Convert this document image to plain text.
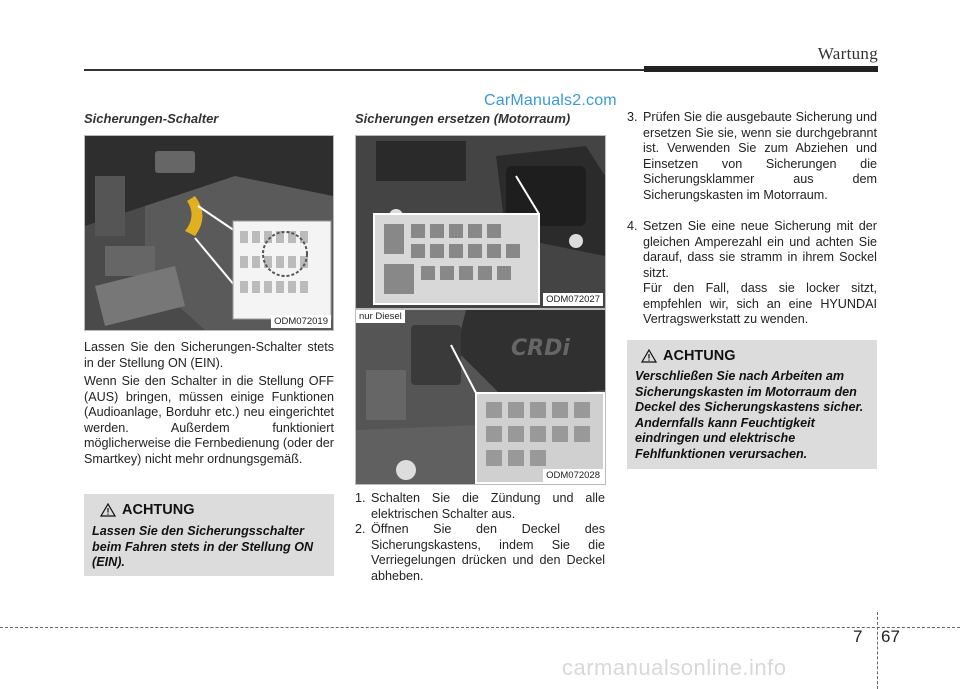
Wartung
CarManuals2.com
Sicherungen-Schalter
ODM072019
Lassen Sie den Sicherungen-Schalter stets in der Stellung ON (EIN).
Wenn Sie den Schalter in die Stellung OFF (AUS) bringen, müssen einige Funktionen (Audioanlage, Borduhr etc.) neu eingerichtet werden. Außerdem funktioniert möglicherweise die Fernbedienung (oder der Smartkey) nicht mehr ordnungsgemäß.
ACHTUNG
Lassen Sie den Sicherungsschalter beim Fahren stets in der Stellung ON (EIN).
Sicherungen ersetzen (Motorraum)
ODM072027
CRDi
nur Diesel
ODM072028
1. Schalten Sie die Zündung und alle elektrischen Schalter aus.
2. Öffnen Sie den Deckel des Sicherungskastens, indem Sie die Verriegelungen drücken und den Deckel abheben.
3. Prüfen Sie die ausgebaute Sicherung und ersetzen Sie sie, wenn sie durchgebrannt ist. Verwenden Sie zum Abziehen und Einsetzen von Sicherungen die Sicherungsklammer aus dem Sicherungskasten im Motorraum.
4. Setzen Sie eine neue Sicherung mit der gleichen Amperezahl ein und achten Sie darauf, dass sie stramm in ihrem Sockel sitzt.
Für den Fall, dass sie locker sitzt, empfehlen wir, sich an eine HYUNDAI Vertragswerkstatt zu wenden.
ACHTUNG
Verschließen Sie nach Arbeiten am Sicherungskasten im Motorraum den Deckel des Sicherungskastens sicher. Andernfalls kann Feuchtigkeit eindringen und elektrische Fehlfunktionen verursachen.
7 67
carmanualsonline.info
